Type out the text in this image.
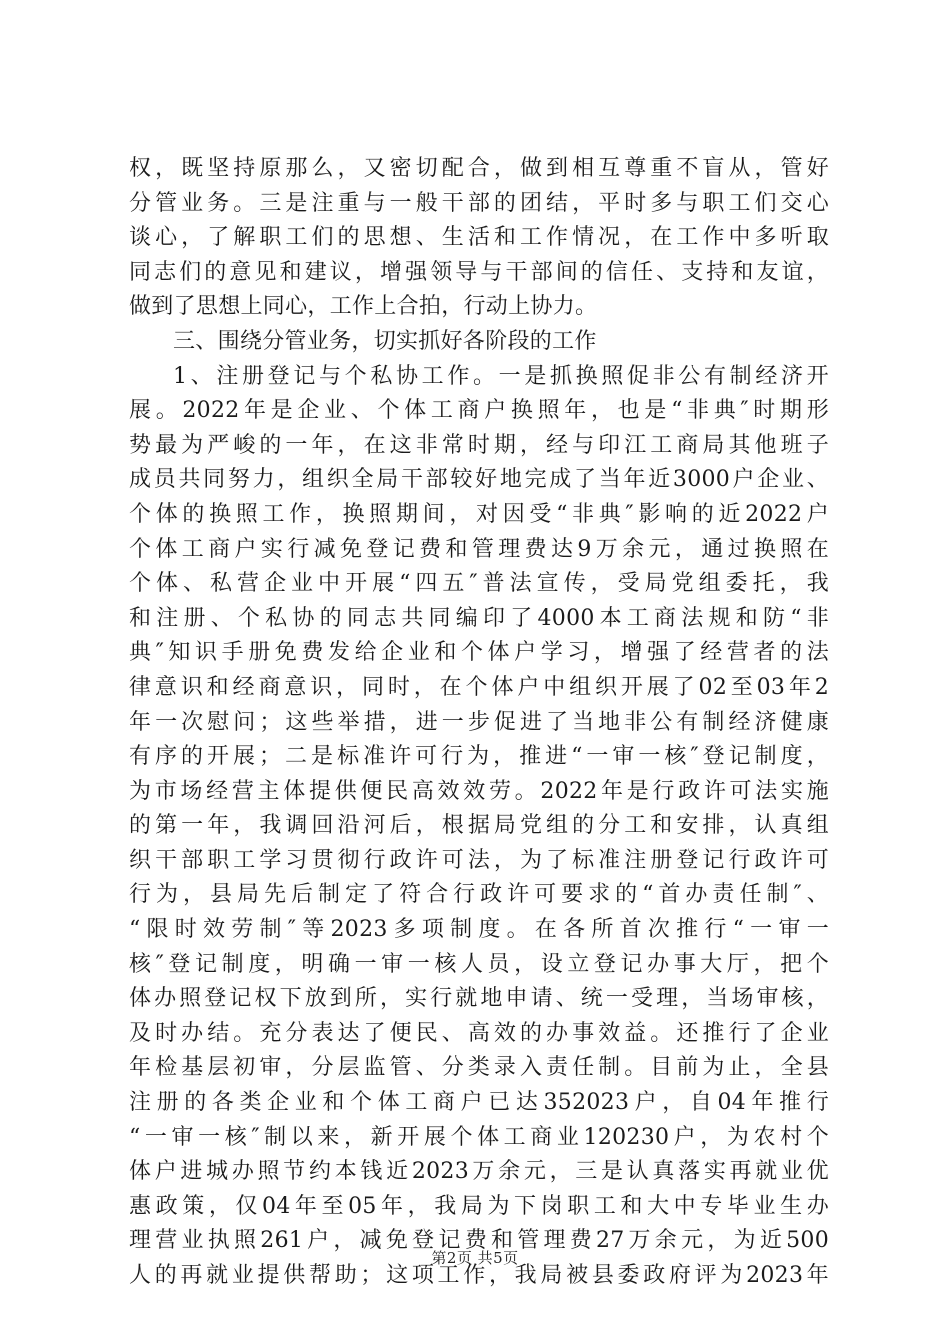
权，既坚持原那么，又密切配合，做到相互尊重不盲从，管好
分管业务。三是注重与一般干部的团结，平时多与职工们交心
谈心，了解职工们的思想、生活和工作情况，在工作中多听取
同志们的意见和建议，增强领导与干部间的信任、支持和友谊，
做到了思想上同心，工作上合拍，行动上协力。
三、围绕分管业务，切实抓好各阶段的工作
1、注册登记与个私协工作。一是抓换照促非公有制经济开
展。2022年是企业、个体工商户换照年，也是“非典″时期形
势最为严峻的一年，在这非常时期，经与印江工商局其他班子
成员共同努力，组织全局干部较好地完成了当年近3000户企业、
个体的换照工作，换照期间，对因受“非典″影响的近2022户
个体工商户实行减免登记费和管理费达9万余元，通过换照在
个体、私营企业中开展“四五″普法宣传，受局党组委托，我
和注册、个私协的同志共同编印了4000本工商法规和防“非
典″知识手册免费发给企业和个体户学习，增强了经营者的法
律意识和经商意识，同时，在个体户中组织开展了02至03年2
年一次慰问；这些举措，进一步促进了当地非公有制经济健康
有序的开展；二是标准许可行为，推进“一审一核″登记制度，
为市场经营主体提供便民高效效劳。2022年是行政许可法实施
的第一年，我调回沿河后，根据局党组的分工和安排，认真组
织干部职工学习贯彻行政许可法，为了标准注册登记行政许可
行为，县局先后制定了符合行政许可要求的“首办责任制″、
“限时效劳制″等2023多项制度。在各所首次推行“一审一
核″登记制度，明确一审一核人员，设立登记办事大厅，把个
体办照登记权下放到所，实行就地申请、统一受理，当场审核，
及时办结。充分表达了便民、高效的办事效益。还推行了企业
年检基层初审，分层监管、分类录入责任制。目前为止，全县
注册的各类企业和个体工商户已达352023户，自04年推行
“一审一核″制以来，新开展个体工商业120230户，为农村个
体户进城办照节约本钱近2023万余元，三是认真落实再就业优
惠政策，仅04年至05年，我局为下岗职工和大中专毕业生办
理营业执照261户，减免登记费和管理费27万余元，为近500
人的再就业提供帮助；这项工作，我局被县委政府评为2023年
第2页 共5页
